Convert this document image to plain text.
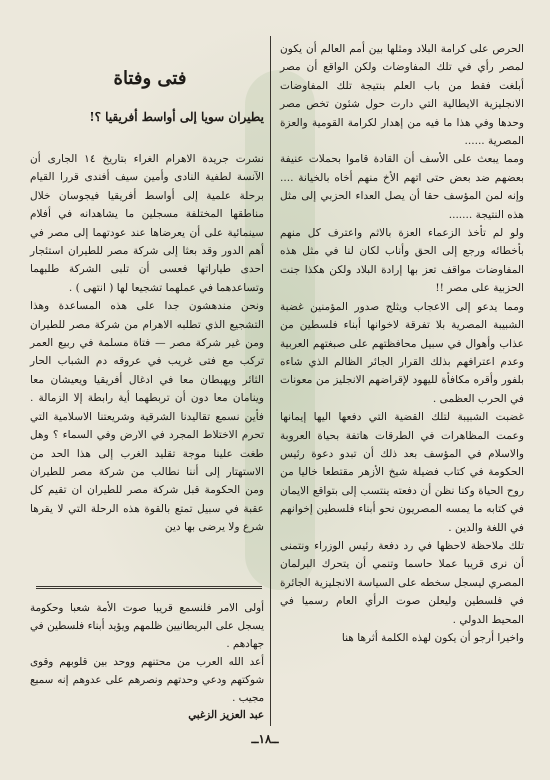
الحرص على كرامة البلاد ومثلها بين أمم العالم أن يكون لمصر رأي في تلك المفاوضات ولكن الواقع أن مصر أبلغت فقط من باب العلم بنتيجة تلك المفاوضات الانجليزية الايطالية التي دارت حول شئون تخص مصر وحدها وفي هذا ما فيه من إهدار لكرامة القومية والعزة المصرية ......

ومما يبعث على الأسف أن القادة قاموا بحملات عنيفة بعضهم ضد بعض حتى اتهم الأخ منهم أخاه بالخيانة .... وإنه لمن المؤسف حقا أن يصل العداء الحزبي إلى مثل هذه النتيجة .......

ولو لم تأخذ الزعماء العزة بالاثم واعترف كل منهم بأخطائه ورجع إلى الحق وأناب لكان لنا في مثل هذه المفاوضات مواقف تعز بها إرادة البلاد ولكن هكذا جنت الحزبية على مصر !!

ومما يدعو إلى الاعجاب ويثلج صدور المؤمنين غضبة الشبيبة المصرية بلا تفرقة لاخوانها أبناء فلسطين من عذاب وأهوال في سبيل محافظتهم على صبغتهم العربية وعدم اعترافهم بذلك القرار الجائر الظالم الذي شاءه بلفور وأقره مكافأة لليهود لإقراضهم الانجليز من معونات في الحرب العظمى .

غضبت الشبيبة لتلك القضية التي دفعها اليها إيمانها وعمت المظاهرات في الطرقات هاتفة بحياة العروبة والاسلام في المؤسف بعد ذلك أن تبدو دعوة رئيس الحكومة في كتاب فضيلة شيخ الأزهر مقتطعا خاليا من روح الحياة وكنا نظن أن دفعته ينتسب إلى بتواقع الايمان في كتابه ما يمسه المصريون نحو أبناء فلسطين إخوانهم في اللغة والدين .

تلك ملاحظة لاحظها في رد دفعة رئيس الوزراء ونتمنى أن نرى قريبا عملا حاسما وتنمي أن يتحرك البرلمان المصري ليسجل سخطه على السياسة الانجليزية الجائرة في فلسطين وليعلن صوت الرأي العام رسميا في المحيط الدولي .

واخيرا أرجو أن يكون لهذه الكلمة أثرها هنا

فتى وفتاة
يطيران سويا إلى أواسط أفريقيا ؟!

نشرت جريدة الاهرام الغراء بتاريخ ١٤ الجارى أن الآنسة لطفية النادى وأمين سيف أفندى قررا القيام برحلة علمية إلى أواسط أفريقيا فيجوسان خلال مناطقها المختلفة مسجلين ما يشاهدانه في أفلام سينمائية على أن يعرضاها عند عودتهما إلى مصر في أهم الدور وقد بعثا إلى شركة مصر للطيران استئجار احدى طياراتها فعسى أن تلبى الشركة طلبهما وتساعدهما في عملهما تشجيعا لها ( انتهى ) .

ونحن مندهشون جدا على هذه المساعدة وهذا التشجيع الذي تطلبه الاهرام من شركة مصر للطيران ومن غير شركة مصر — فتاة مسلمة في ربيع العمر تركب مع فتى غريب في عروقه دم الشباب الحار الثائر ويهبطان معا في ادغال أفريقيا ويعيشان معا وينامان معا دون أن تربطهما أية رابطة إلا الزمالة . فأين نسمع تقاليدنا الشرقية وشريعتنا الاسلامية التي تحرم الاختلاط المجرد في الارض وفي السماء ؟ وهل طغت علينا موجة تقليد الغرب إلى هذا الحد من الاستهتار إلى أننا نطالب من شركة مصر للطيران ومن الحكومة قبل شركة مصر للطيران ان تقيم كل عقبة في سبيل تمتع بالقوة هذه الرحلة التي لا يقرها شرع ولا يرضى بها دين

أولى الامر فلنسمع قريبا صوت الأمة شعبا وحكومة يسجل على البريطانيين ظلمهم ويؤيد أبناء فلسطين في جهادهم .

أعد الله العرب من محتنهم ووحد بين قلوبهم وقوى شوكتهم ودعي وحدتهم ونصرهم على عدوهم إنه سميع مجيب .

عبد العزيز الزغبي

ــ١٨ــ
